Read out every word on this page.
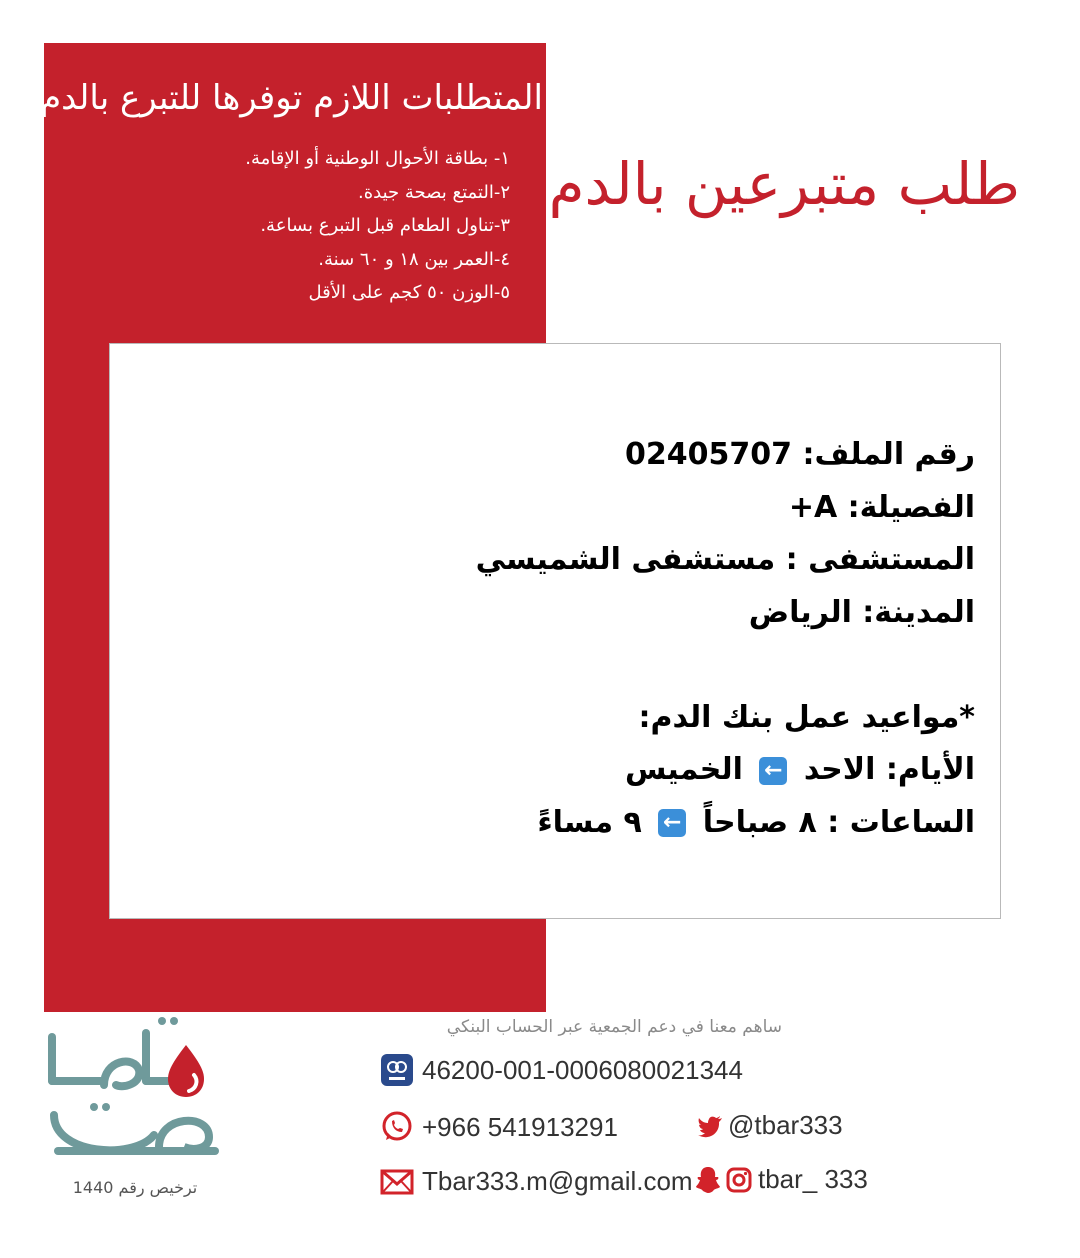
المتطلبات اللازم توفرها للتبرع بالدم
١- بطاقة الأحوال الوطنية أو الإقامة.
٢-التمتع بصحة جيدة.
٣-تناول الطعام قبل التبرع بساعة.
٤-العمر بين ١٨ و ٦٠ سنة.
٥-الوزن ٥٠ كجم على الأقل
طلب متبرعين بالدم
رقم الملف: 02405707
الفصيلة: A+
المستشفى : مستشفى الشميسي
المدينة: الرياض
*مواعيد عمل بنك الدم:
الأيام: الاحد ← الخميس
الساعات : ٨ صباحاً ← ٩ مساءً
ترخيص رقم 1440
ساهم معنا في دعم الجمعية عبر الحساب البنكي
46200-001-0006080021344
+966 541913291	@tbar333
Tbar333.m@gmail.com	tbar_ 333
